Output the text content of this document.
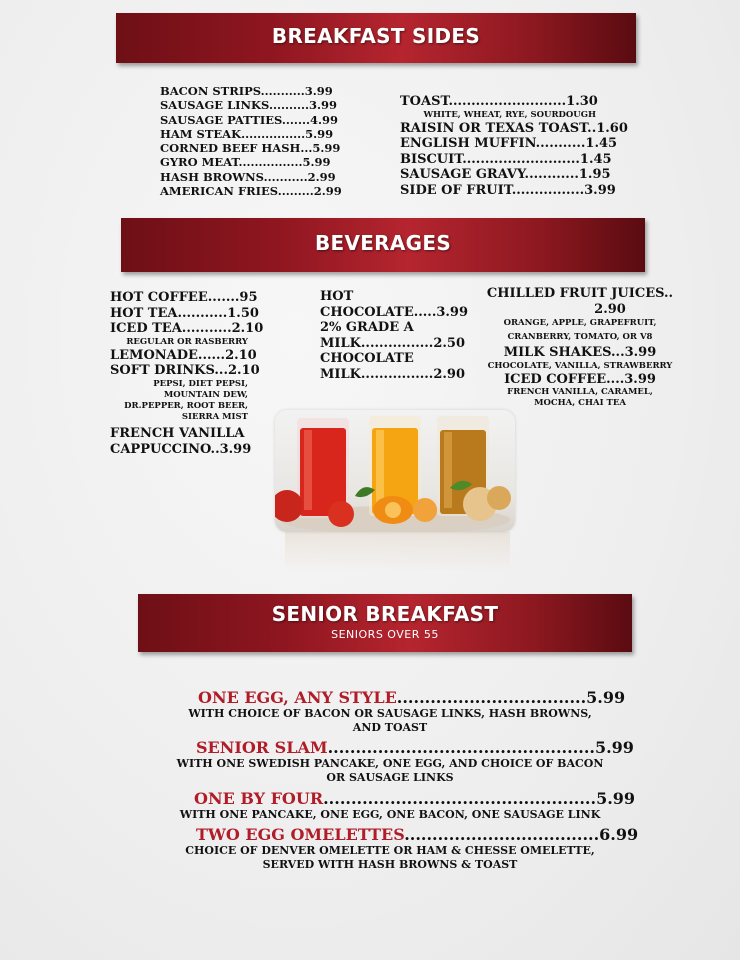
BREAKFAST SIDES
BACON STRIPS...........3.99
SAUSAGE LINKS..........3.99
SAUSAGE PATTIES.......4.99
HAM STEAK................5.99
CORNED BEEF HASH...5.99
GYRO MEAT................5.99
HASH BROWNS...........2.99
AMERICAN FRIES.........2.99
TOAST..........................1.30
WHITE, WHEAT, RYE, SOURDOUGH
RAISIN OR TEXAS TOAST..1.60
ENGLISH MUFFIN...........1.45
BISCUIT..........................1.45
SAUSAGE GRAVY............1.95
SIDE OF FRUIT................3.99
BEVERAGES
HOT COFFEE.......95
HOT TEA...........1.50
ICED TEA...........2.10
REGULAR OR RASBERRY
LEMONADE......2.10
SOFT DRINKS...2.10
PEPSI, DIET PEPSI,
MOUNTAIN DEW,
DR.PEPPER, ROOT BEER,
SIERRA MIST
FRENCH VANILLA
CAPPUCCINO..3.99
HOT
CHOCOLATE.....3.99
2% GRADE A
MILK................2.50
CHOCOLATE
MILK................2.90
CHILLED FRUIT JUICES..
2.90
ORANGE, APPLE, GRAPEFRUIT,
CRANBERRY, TOMATO, OR V8
MILK SHAKES...3.99
CHOCOLATE, VANILLA, STRAWBERRY
ICED COFFEE....3.99
FRENCH VANILLA, CARAMEL,
MOCHA, CHAI TEA
SENIOR BREAKFAST
SENIORS OVER 55
ONE EGG, ANY STYLE..................................5.99
WITH CHOICE OF BACON OR SAUSAGE LINKS, HASH BROWNS,
AND TOAST
SENIOR SLAM................................................5.99
WITH ONE SWEDISH PANCAKE, ONE EGG, AND CHOICE OF BACON
OR SAUSAGE LINKS
ONE BY FOUR.................................................5.99
WITH ONE PANCAKE, ONE EGG, ONE BACON, ONE SAUSAGE LINK
TWO EGG OMELETTES...................................6.99
CHOICE OF DENVER OMELETTE OR HAM & CHESSE OMELETTE,
SERVED WITH HASH BROWNS & TOAST
